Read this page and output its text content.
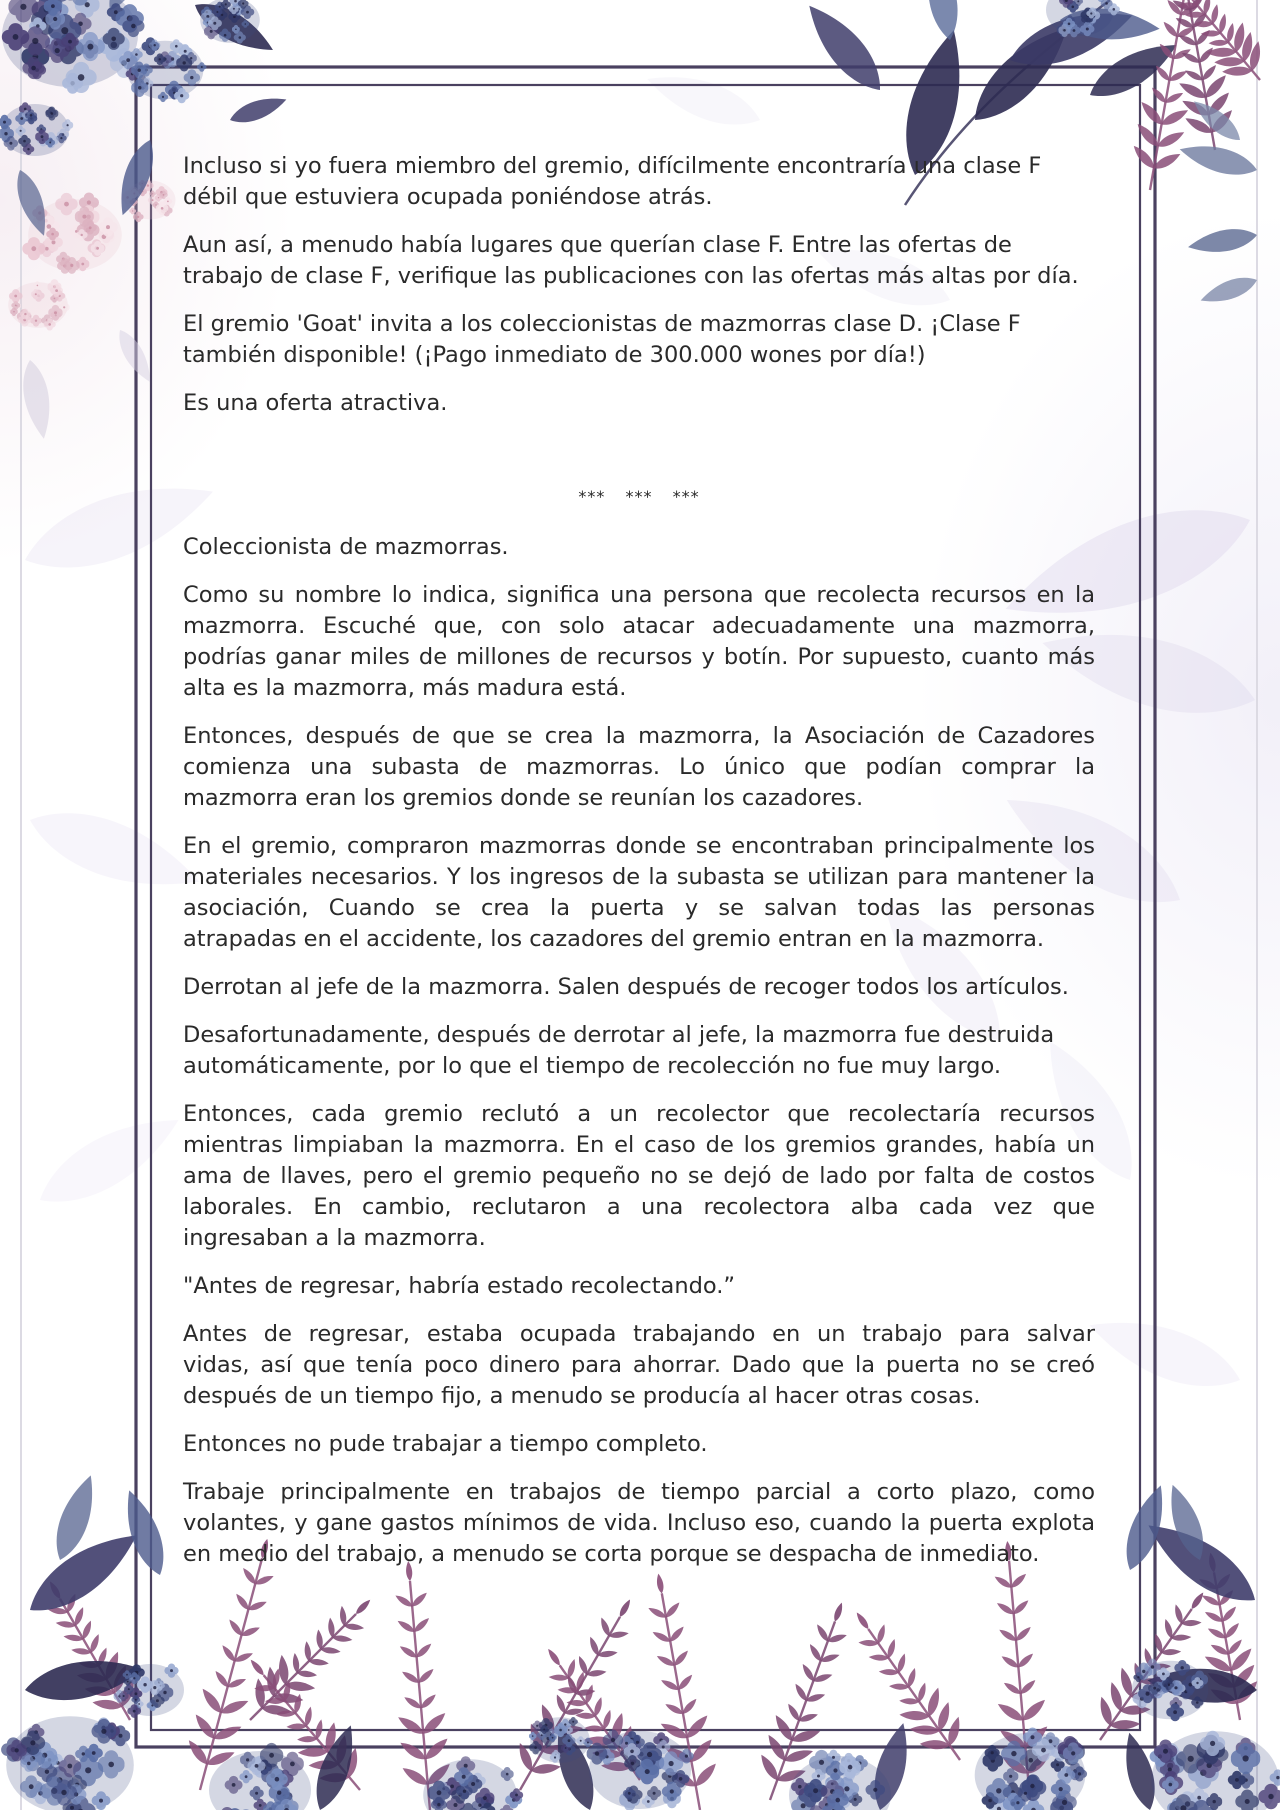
Incluso si yo fuera miembro del gremio, difícilmente encontraría una clase F
débil que estuviera ocupada poniéndose atrás.
Aun así, a menudo había lugares que querían clase F. Entre las ofertas de
trabajo de clase F, verifique las publicaciones con las ofertas más altas por día.
El gremio 'Goat' invita a los coleccionistas de mazmorras clase D. ¡Clase F
también disponible! (¡Pago inmediato de 300.000 wones por día!)
Es una oferta atractiva.
*** *** ***
Coleccionista de mazmorras.
Como su nombre lo indica, significa una persona que recolecta recursos en la
mazmorra. Escuché que, con solo atacar adecuadamente una mazmorra,
podrías ganar miles de millones de recursos y botín. Por supuesto, cuanto más
alta es la mazmorra, más madura está.
Entonces, después de que se crea la mazmorra, la Asociación de Cazadores
comienza una subasta de mazmorras. Lo único que podían comprar la
mazmorra eran los gremios donde se reunían los cazadores.
En el gremio, compraron mazmorras donde se encontraban principalmente los
materiales necesarios. Y los ingresos de la subasta se utilizan para mantener la
asociación, Cuando se crea la puerta y se salvan todas las personas
atrapadas en el accidente, los cazadores del gremio entran en la mazmorra.
Derrotan al jefe de la mazmorra. Salen después de recoger todos los artículos.
Desafortunadamente, después de derrotar al jefe, la mazmorra fue destruida
automáticamente, por lo que el tiempo de recolección no fue muy largo.
Entonces, cada gremio reclutó a un recolector que recolectaría recursos
mientras limpiaban la mazmorra. En el caso de los gremios grandes, había un
ama de llaves, pero el gremio pequeño no se dejó de lado por falta de costos
laborales. En cambio, reclutaron a una recolectora alba cada vez que
ingresaban a la mazmorra.
"Antes de regresar, habría estado recolectando.”
Antes de regresar, estaba ocupada trabajando en un trabajo para salvar
vidas, así que tenía poco dinero para ahorrar. Dado que la puerta no se creó
después de un tiempo fijo, a menudo se producía al hacer otras cosas.
Entonces no pude trabajar a tiempo completo.
Trabaje principalmente en trabajos de tiempo parcial a corto plazo, como
volantes, y gane gastos mínimos de vida. Incluso eso, cuando la puerta explota
en medio del trabajo, a menudo se corta porque se despacha de inmediato.
